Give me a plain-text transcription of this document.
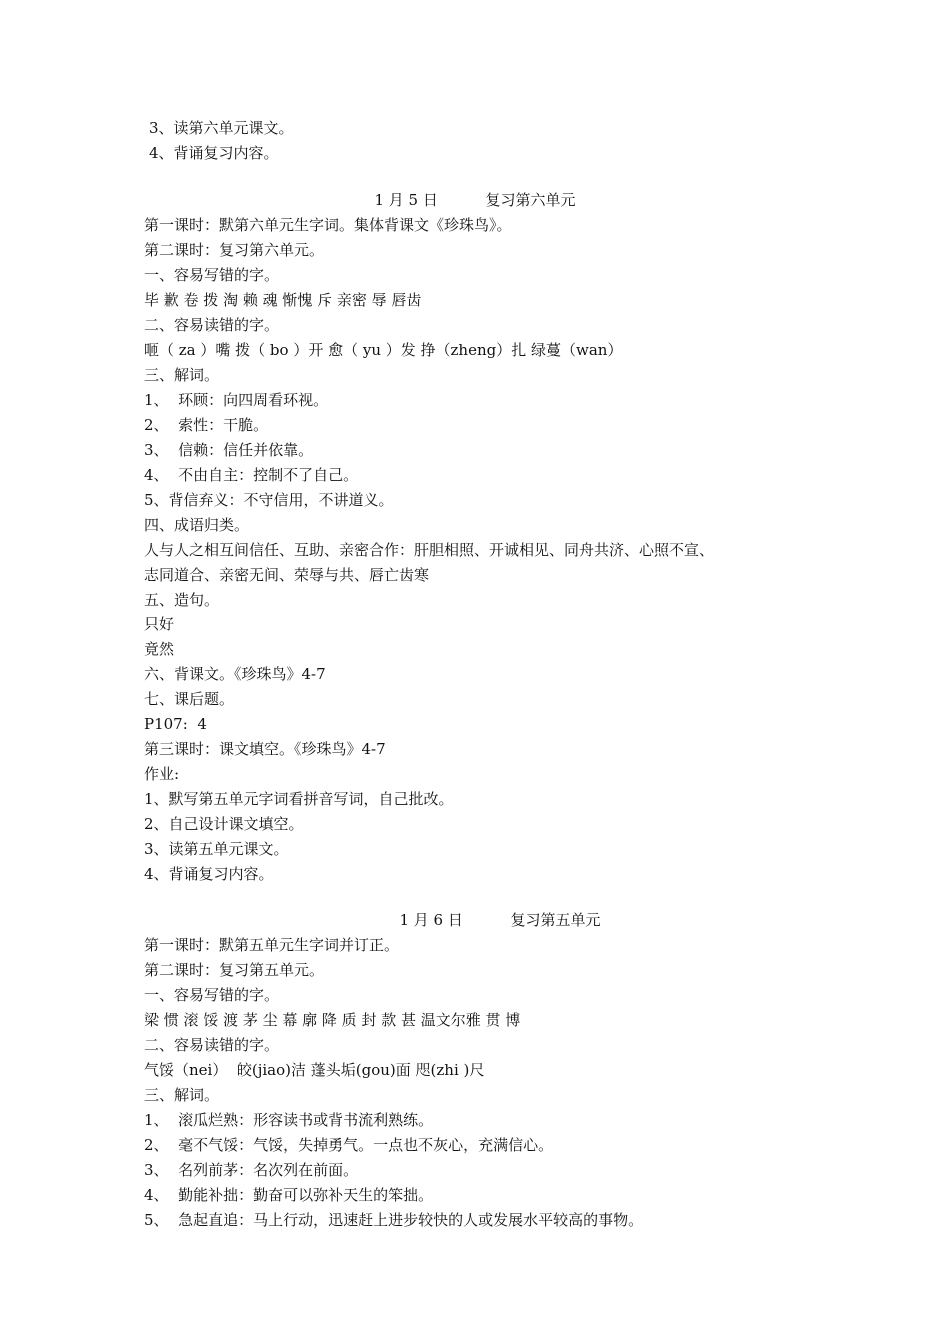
3、读第六单元课文。
4、背诵复习内容。
1 月 5 日          复习第六单元
第一课时：默第六单元生字词。集体背课文《珍珠鸟》。
第二课时：复习第六单元。
一、容易写错的字。
毕 歉 卷 拨 淘 赖 魂 惭愧 斥 亲密 辱 唇齿
二、容易读错的字。
咂（ za ）嘴 拨（ bo ）开 愈（ yu ）发 挣（zheng）扎 绿蔓（wan）
三、解词。
1、  环顾：向四周看环视。
2、  索性：干脆。
3、  信赖：信任并依靠。
4、  不由自主：控制不了自己。
5、背信弃义：不守信用，不讲道义。
四、成语归类。
人与人之相互间信任、互助、亲密合作：肝胆相照、开诚相见、同舟共济、心照不宣、
志同道合、亲密无间、荣辱与共、唇亡齿寒
五、造句。
只好
竟然
六、背课文。《珍珠鸟》4-7
七、课后题。
P107:  4
第三课时：课文填空。《珍珠鸟》4-7
作业:
1、默写第五单元字词看拼音写词，自己批改。
2、自己设计课文填空。
3、读第五单元课文。
4、背诵复习内容。
1 月 6 日          复习第五单元
第一课时：默第五单元生字词并订正。
第二课时：复习第五单元。
一、容易写错的字。
梁 惯 滚 馁 渡 茅 尘 幕 廓 降 质 封 款 甚 温文尔雅 贯 博
二、容易读错的字。
气馁（nei）  皎(jiao)洁 蓬头垢(gou)面 咫(zhi )尺
三、解词。
1、  滚瓜烂熟：形容读书或背书流利熟练。
2、  毫不气馁：气馁，失掉勇气。一点也不灰心，充满信心。
3、  名列前茅：名次列在前面。
4、  勤能补拙：勤奋可以弥补天生的笨拙。
5、  急起直追：马上行动，迅速赶上进步较快的人或发展水平较高的事物。
